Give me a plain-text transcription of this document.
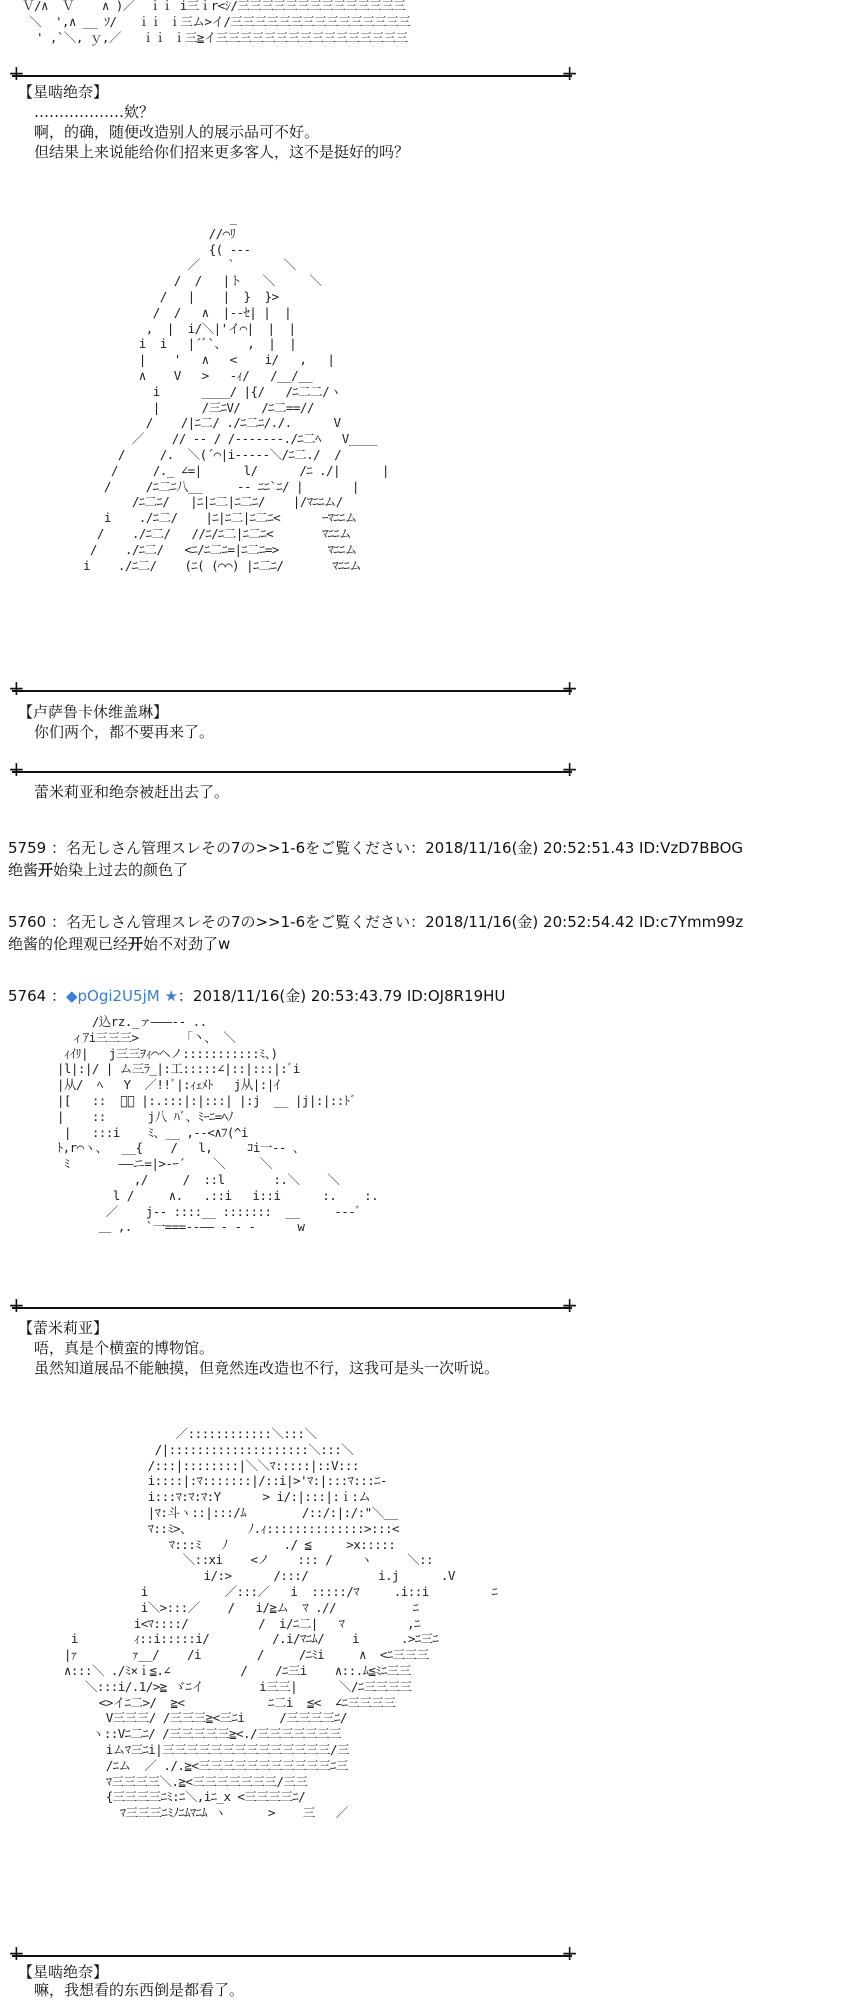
Ｖ/∧  Ｖ    ∧ )／  ｉｉ i三ｉr<ｼ/三三三三三三三三三三三三三三
＼  ',∧ __ ｿ/   ｉｉ ｉ三ム>イ/三三三三三三三三三三三三三三三
' ,`＼, ｙ,／   ｉｉ ｉ三≧イ三三三三三三三三三三三三三三三三
+	+
【星啮绝奈】
………………欸？
啊，的确，随便改造别人的展示品可不好。
但结果上来说能给你们招来更多客人，这不是挺好的吗？
_
//⌒ﾘ
{( ---
／    `       ＼
/  /   |ト   ＼     ＼
/   |    |  }  }>
/  /   ∧  |--ｾ| |  |
,  |  i/＼|'イ⌒|  |  |
i  i   |´ﾞ`、   ,  |  |
|    '   ∧   <    i/   ,   |
∧    V   >   -ｨ/   /__/__
i      ____/ |{/   /ﾆ二二/ヽ
|      /三ﾆV/   /ﾆ二==//
/    /|ﾆ二/ ./ﾆ二ﾆ/./.      V
／    // -- / /-------./ﾆ二ﾍ   V____
/     /.  ＼(´⌒|i-----＼/ﾆ二./  /
/     /._ ∠=|      l/      /ﾆ ./|      |
/     /ﾆ二ﾆ八__     -- ﾆﾆ`ﾆ/ |       |
/ﾆ二ﾆ/   |ﾆ|ﾆ二|ﾆ二ﾆ/    |/ﾏﾆﾆム/
i    ./ﾆ二/    |ﾆ|ﾆ二|ﾆ二ﾆ<      ｰﾏﾆﾆム
/    ./ﾆ二/   //ﾆ/ﾆ二|ﾆ二ﾆ<       ﾏﾆﾆム
/    ./ﾆ二/   <ﾆ/ﾆ二ﾆ=|ﾆ二ﾆ=>       ﾏﾆﾆム
i    ./ﾆ二/    (ﾆ( (⌒⌒) |ﾆ二ﾆ/       ﾏﾆﾆム
+	+
【卢萨鲁卡休维盖琳】
你们两个，都不要再来了。
+	+
蕾米莉亚和绝奈被赶出去了。
5759 ：名无しさん管理スレその7の>>1-6をご覧ください：2018/11/16(金) 20:52:51.43 ID:VzD7BBOG
绝酱开始染上过去的颜色了
5760 ：名无しさん管理スレその7の>>1-6をご覧ください：2018/11/16(金) 20:52:54.42 ID:c7Ymm99z
绝酱的伦理观已经开始不对劲了w
5764 ：◆pOgi2U5jM ★：2018/11/16(金) 20:53:43.79 ID:OJ8R19HU
/込rz._ァ―――-- ..
ィｱi三三三>      「丶、 ＼
ｨｲﾘ|   j三三ｦｨ⌒ヘノ:::::::::::ﾐ、)
|l|:|/ | ム三ﾗ_|:工:::::∠|::|:::|:ﾞi
|从/  ﾍ   Y  ／!!ﾞ|:ｨｪﾒﾄ   j从|:|ｲ
|[   ::  ﾞ、 |:.:::|:|:::| |:j  __ |j|:|::ﾄﾞ
|    ::      j八 ﾊﾞ、ﾐｰﾆ=ﾍﾉ
|   :::i    ﾐ、__ ,--<∧ﾌ(^i
ﾄ,r⌒ヽ、  __{    /   l,     ｺi一-- 、
ﾐ       ——ニ=|>-ｰ´    ＼     ＼
,/     /  ::l       :.＼    ＼
l /     ∧.   .::i   i::i      :.    :.
／    j-- ::::__ :::::::  __     --‐ﾞ
＿ ,.  `一===-‐―― ‐ ‐ ‐      w
+	+
【蕾米莉亚】
唔，真是个横蛮的博物馆。
虽然知道展品不能触摸，但竟然连改造也不行，这我可是头一次听说。
／::::::::::::＼:::＼
/|::::::::::::::::::::＼:::＼
/:::|::::::::|＼＼ﾏ:::::|::V:::
i::::|:ﾏ:::::::|/::i|>'ﾏ:|:::ﾏ:::ﾆ-
i:::ﾏ:ﾏ:ﾏ:Y      > i/:|:::|:ｉ:ム
|ﾏ:斗ヽ::|:::/ﾑ        /::/:|:/:"＼__
ﾏ::ﾐ>、        ﾉ.ｨ::::::::::::::>:::<
ﾏ:::ﾐ   ﾉ        ./ ≦     >x:::::
＼::xi    <ノ    ::: /    ヽ     ＼::
i/:>      /:::/          i.j      .V
i           ／:::／   i  :::::/ﾏ     .i::i         ﾆ
i＼>:::／    /   i/≧ム  ﾏ .//           ﾆ
i<ﾏ::::/          /  i/ﾆ二|   ﾏ         ,ﾆ
i        ｨ::i:::::i/         /.i/ﾏﾆﾑ/    i      .>ﾆ三ﾆ
|ｧ        ｧ__/    /i        /     /ﾆﾐi     ∧  <ﾆ三三三
∧:::＼ ./ﾐ×ｉ≦.∠          /    /ﾆ三i    ∧::.ﾑ≦ﾐﾆ三三
＼:::i/.1/>≧ ゞﾆイ        i三三|      ＼/ﾆ三三三三
<>イﾆ二>/  ≧<            ﾆ二i  ≦<  ∠ﾆ三三三三
V三三三/ /三三三≧<三ﾆi     /三三三三ﾆ/
ヽ::Vﾆ二ﾆ/ /三三三三三≧<./三三三三三三三
iムﾏ三ﾆi|三三三三三三三三三三三三三三/三
/ﾆム  ／ ./.≧<三三三三三三三三三三三ﾆ三
ﾏ三三三三＼.≧<三三三三三三三/三三
{三三三三ﾆﾐ:ﾆ＼,iﾆ_x <三三三三ﾆ/
ﾏ三三三ﾆﾐﾉﾆﾑﾏﾆﾑ ヽ      >    三   ／
+	+
【星啮绝奈】
嘛，我想看的东西倒是都看了。
